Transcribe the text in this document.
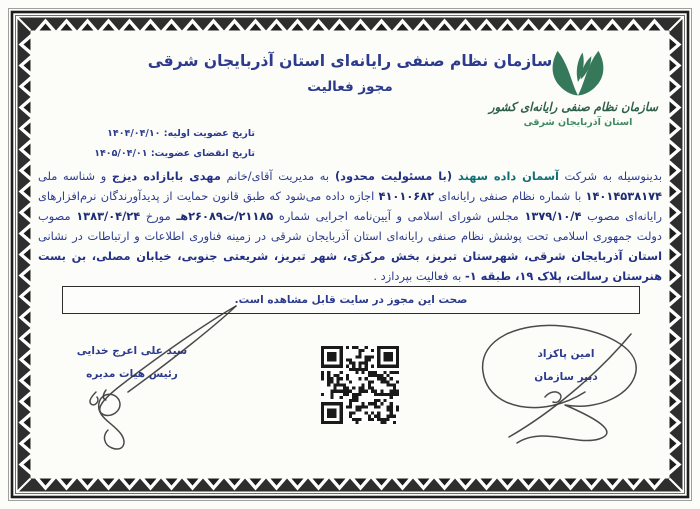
سازمان نظام صنفی رایانه‌ای استان آذربایجان شرقی
مجوز فعالیت
سازمان نظام صنفی رایانه‌ای کشور
استان آذربایجان شرقی
تاریخ عضویت اولیه: ۱۴۰۴/۰۴/۱۰
تاریخ انقضای عضویت: ۱۴۰۵/۰۴/۰۱

بدینوسیله به شرکت آسمان داده سهند (با مسئولیت محدود) به مدیریت آقای/خانم مهدی بابازاده دیزج و شناسه ملی ۱۴۰۱۴۵۳۸۱۷۴ با شماره نظام صنفی رایانه‌ای ۴۱۰۱۰۶۸۲ اجازه داده می‌شود که طبق قانون حمایت از پدیدآورندگان نرم‌افزارهای رایانه‌ای مصوب ۱۳۷۹/۱۰/۴ مجلس شورای اسلامی و آیین‌نامه اجرایی شماره ۲۱۱۸۵/ت۲۶۰۸۹هـ مورخ ۱۳۸۳/۰۴/۲۴ مصوب دولت جمهوری اسلامی تحت پوشش نظام صنفی رایانه‌ای استان آذربایجان شرقی در زمینه فناوری اطلاعات و ارتباطات در نشانی استان آذربایجان شرقی، شهرستان تبریز، بخش مرکزی، شهر تبریز، شریعتی جنوبی، خیابان مصلی، بن بست هنرستان رسالت، پلاک ۱۹، طبقه ۱- به فعالیت بپردازد .

صحت این مجوز در سایت قابل مشاهده است.
سید علی اعرج خدایی
رئیس هیات مدیره
امین پاکزاد
دبیر سازمان
